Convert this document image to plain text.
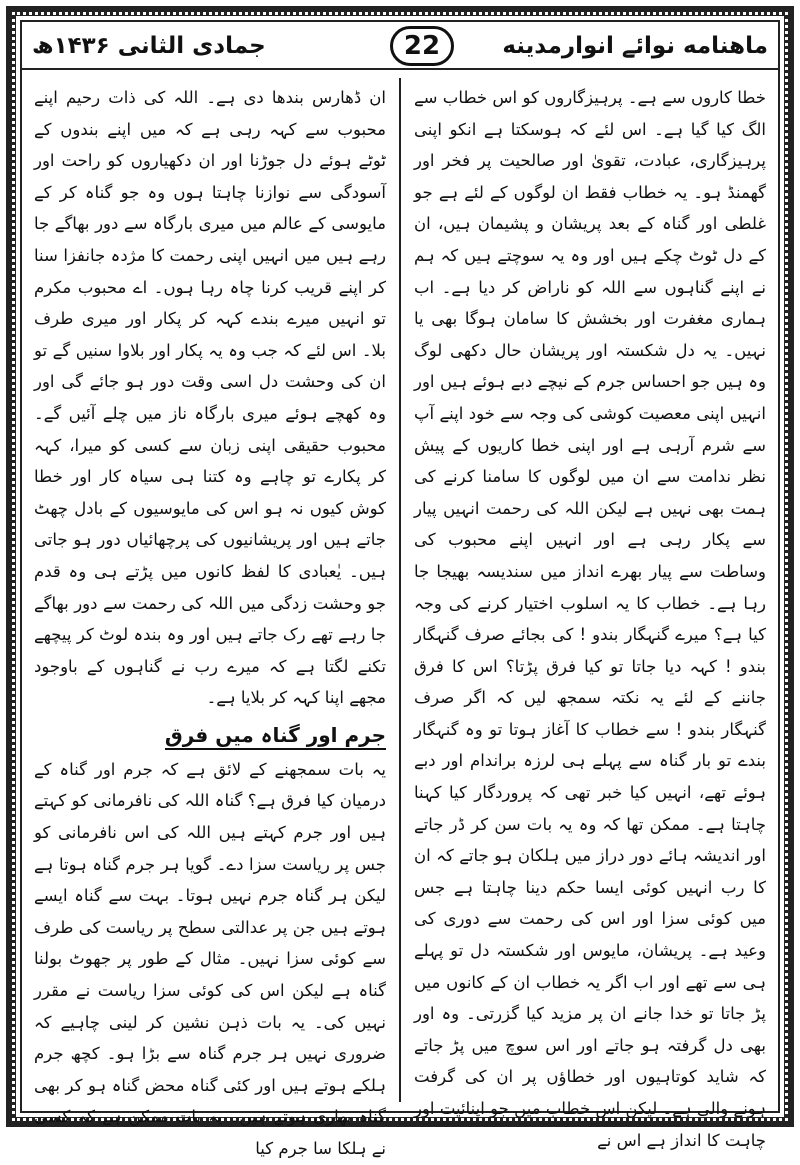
ماهنامه نوائے انوارمدینه
22
جمادی الثانی ۱۴۳۶ھ

خطا کاروں سے ہے۔ پرہیزگاروں کو اس خطاب سے الگ کیا گیا ہے۔ اس لئے کہ ہوسکتا ہے انکو اپنی پرہیزگاری، عبادت، تقویٰ اور صالحیت پر فخر اور گھمنڈ ہو۔ یہ خطاب فقط ان لوگوں کے لئے ہے جو غلطی اور گناہ کے بعد پریشان و پشیمان ہیں، ان کے دل ٹوٹ چکے ہیں اور وہ یہ سوچتے ہیں کہ ہم نے اپنے گناہوں سے اللہ کو ناراض کر دیا ہے۔ اب ہماری مغفرت اور بخشش کا سامان ہوگا بھی یا نہیں۔ یہ دل شکستہ اور پریشان حال دکھی لوگ وہ ہیں جو احساس جرم کے نیچے دبے ہوئے ہیں اور انہیں اپنی معصیت کوشی کی وجہ سے خود اپنے آپ سے شرم آرہی ہے اور اپنی خطا کاریوں کے پیش نظر ندامت سے ان میں لوگوں کا سامنا کرنے کی ہمت بھی نہیں ہے لیکن اللہ کی رحمت انہیں پیار سے پکار رہی ہے اور انہیں اپنے محبوب کی وساطت سے پیار بھرے انداز میں سندیسہ بھیجا جا رہا ہے۔ خطاب کا یہ اسلوب اختیار کرنے کی وجہ کیا ہے؟ میرے گنہگار بندو ! کی بجائے صرف گنہگار بندو ! کہہ دیا جاتا تو کیا فرق پڑتا؟ اس کا فرق جاننے کے لئے یہ نکتہ سمجھ لیں کہ اگر صرف گنہگار بندو ! سے خطاب کا آغاز ہوتا تو وہ گنہگار بندے تو بار گناہ سے پہلے ہی لرزہ براندام اور دبے ہوئے تھے، انہیں کیا خبر تھی کہ پروردگار کیا کہنا چاہتا ہے۔ ممکن تھا کہ وہ یہ بات سن کر ڈر جاتے اور اندیشہ ہائے دور دراز میں ہلکان ہو جاتے کہ ان کا رب انہیں کوئی ایسا حکم دینا چاہتا ہے جس میں کوئی سزا اور اس کی رحمت سے دوری کی وعید ہے۔ پریشان، مایوس اور شکستہ دل تو پہلے ہی سے تھے اور اب اگر یہ خطاب ان کے کانوں میں پڑ جاتا تو خدا جانے ان پر مزید کیا گزرتی۔ وہ اور بھی دل گرفتہ ہو جاتے اور اس سوچ میں پڑ جاتے کہ شاید کوتاہیوں اور خطاؤں پر ان کی گرفت ہونے والی ہے۔ لیکن اس خطاب میں جو اپنائیت اور چاہت کا انداز ہے اس نے

ان ڈھارس بندھا دی ہے۔ اللہ کی ذات رحیم اپنے محبوب سے کہہ رہی ہے کہ میں اپنے بندوں کے ٹوٹے ہوئے دل جوڑنا اور ان دکھیاروں کو راحت اور آسودگی سے نوازنا چاہتا ہوں وہ جو گناہ کر کے مایوسی کے عالم میں میری بارگاہ سے دور بھاگے جا رہے ہیں میں انہیں اپنی رحمت کا مژدہ جانفزا سنا کر اپنے قریب کرنا چاہ رہا ہوں۔ اے محبوب مکرم تو انہیں میرے بندے کہہ کر پکار اور میری طرف بلا۔ اس لئے کہ جب وہ یہ پکار اور بلاوا سنیں گے تو ان کی وحشت دل اسی وقت دور ہو جائے گی اور وہ کھچے ہوئے میری بارگاہ ناز میں چلے آئیں گے۔ محبوب حقیقی اپنی زبان سے کسی کو میرا، کہہ کر پکارے تو چاہے وہ کتنا ہی سیاہ کار اور خطا کوش کیوں نہ ہو اس کی مایوسیوں کے بادل چھٹ جاتے ہیں اور پریشانیوں کی پرچھائیاں دور ہو جاتی ہیں۔ یٰعبادی کا لفظ کانوں میں پڑتے ہی وہ قدم جو وحشت زدگی میں اللہ کی رحمت سے دور بھاگے جا رہے تھے رک جاتے ہیں اور وہ بندہ لوٹ کر پیچھے تکنے لگتا ہے کہ میرے رب نے گناہوں کے باوجود مجھے اپنا کہہ کر بلایا ہے۔

جرم اور گناہ میں فرق

یہ بات سمجھنے کے لائق ہے کہ جرم اور گناہ کے درمیان کیا فرق ہے؟ گناہ اللہ کی نافرمانی کو کہتے ہیں اور جرم کہتے ہیں اللہ کی اس نافرمانی کو جس پر ریاست سزا دے۔ گویا ہر جرم گناہ ہوتا ہے لیکن ہر گناہ جرم نہیں ہوتا۔ بہت سے گناہ ایسے ہوتے ہیں جن پر عدالتی سطح پر ریاست کی طرف سے کوئی سزا نہیں۔ مثال کے طور پر جھوٹ بولنا گناہ ہے لیکن اس کی کوئی سزا ریاست نے مقرر نہیں کی۔ یہ بات ذہن نشین کر لینی چاہیے کہ ضروری نہیں ہر جرم گناہ سے بڑا ہو۔ کچھ جرم ہلکے ہوتے ہیں اور کئی گناہ محض گناہ ہو کر بھی گناہ بھاری ہوتے ہیں۔ یہ بات ممکن ہے کہ کسی نے ہلکا سا جرم کیا
